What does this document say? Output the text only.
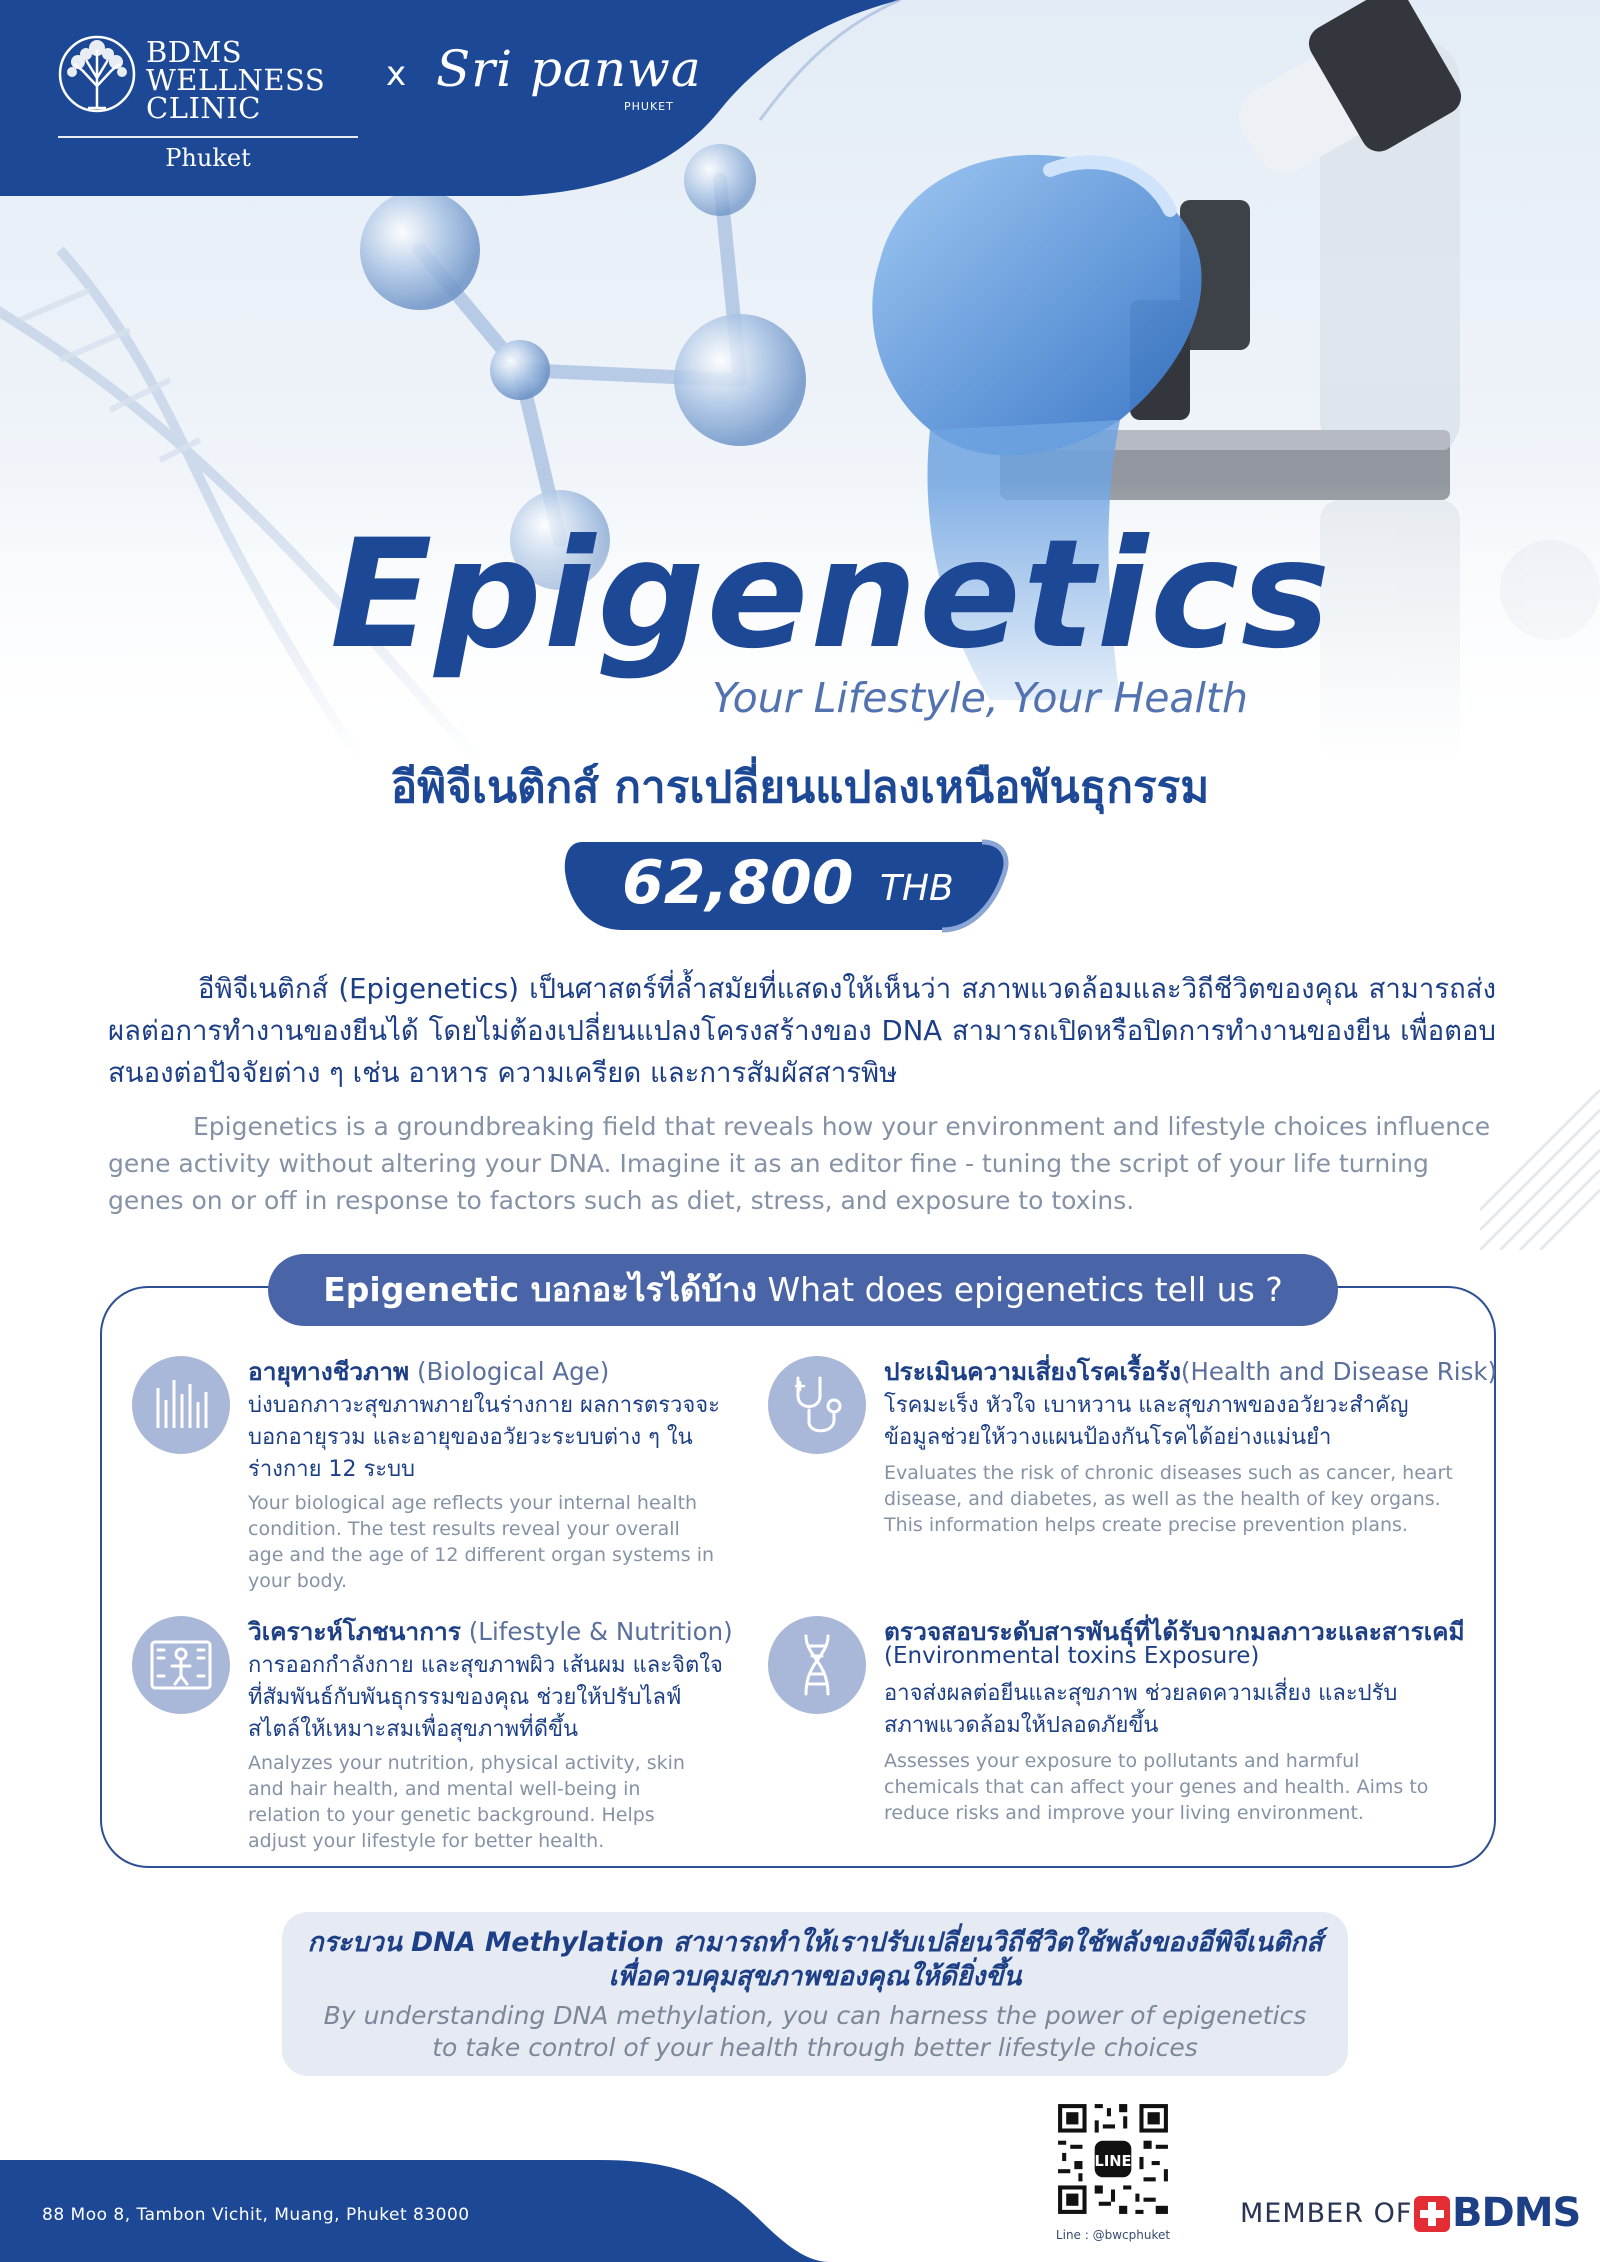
BDMS
WELLNESS
CLINIC
Phuket
x Sri panwa
PHUKET
Epigenetics
Your Lifestyle, Your Health
อีพิจีเนติกส์ การเปลี่ยนแปลงเหนือพันธุกรรม
62,800 THB
อีพิจีเนติกส์ (Epigenetics) เป็นศาสตร์ที่ล้ำสมัยที่แสดงให้เห็นว่า สภาพแวดล้อมและวิถีชีวิตของคุณ สามารถส่งผลต่อการทำงานของยีนได้ โดยไม่ต้องเปลี่ยนแปลงโครงสร้างของ DNA สามารถเปิดหรือปิดการทำงานของยีน เพื่อตอบสนองต่อปัจจัยต่าง ๆ เช่น อาหาร ความเครียด และการสัมผัสสารพิษ
Epigenetics is a groundbreaking field that reveals how your environment and lifestyle choices influence gene activity without altering your DNA. Imagine it as an editor fine - tuning the script of your life turning genes on or off in response to factors such as diet, stress, and exposure to toxins.
Epigenetic บอกอะไรได้บ้าง What does epigenetics tell us ?
อายุทางชีวภาพ (Biological Age)
บ่งบอกภาวะสุขภาพภายในร่างกาย ผลการตรวจจะบอกอายุรวม และอายุของอวัยวะระบบต่าง ๆ ในร่างกาย 12 ระบบ
Your biological age reflects your internal health condition. The test results reveal your overall age and the age of 12 different organ systems in your body.
ประเมินความเสี่ยงโรคเรื้อรัง(Health and Disease Risk)
โรคมะเร็ง หัวใจ เบาหวาน และสุขภาพของอวัยวะสำคัญ ข้อมูลช่วยให้วางแผนป้องกันโรคได้อย่างแม่นยำ
Evaluates the risk of chronic diseases such as cancer, heart disease, and diabetes, as well as the health of key organs. This information helps create precise prevention plans.
วิเคราะห์โภชนาการ (Lifestyle & Nutrition)
การออกกำลังกาย และสุขภาพผิว เส้นผม และจิตใจ ที่สัมพันธ์กับพันธุกรรมของคุณ ช่วยให้ปรับไลฟ์สไตล์ให้เหมาะสมเพื่อสุขภาพที่ดีขึ้น
Analyzes your nutrition, physical activity, skin and hair health, and mental well-being in relation to your genetic background. Helps adjust your lifestyle for better health.
ตรวจสอบระดับสารพันธุ์ที่ได้รับจากมลภาวะและสารเคมี
(Environmental toxins Exposure)
อาจส่งผลต่อยีนและสุขภาพ ช่วยลดความเสี่ยง และปรับสภาพแวดล้อมให้ปลอดภัยขึ้น
Assesses your exposure to pollutants and harmful chemicals that can affect your genes and health. Aims to reduce risks and improve your living environment.
กระบวน DNA Methylation สามารถทำให้เราปรับเปลี่ยนวิถีชีวิตใช้พลังของอีพิจีเนติกส์
เพื่อควบคุมสุขภาพของคุณให้ดียิ่งขึ้น
By understanding DNA methylation, you can harness the power of epigenetics
to take control of your health through better lifestyle choices
88 Moo 8, Tambon Vichit, Muang, Phuket 83000
LINE
Line : @bwcphuket
MEMBER OF BDMS
